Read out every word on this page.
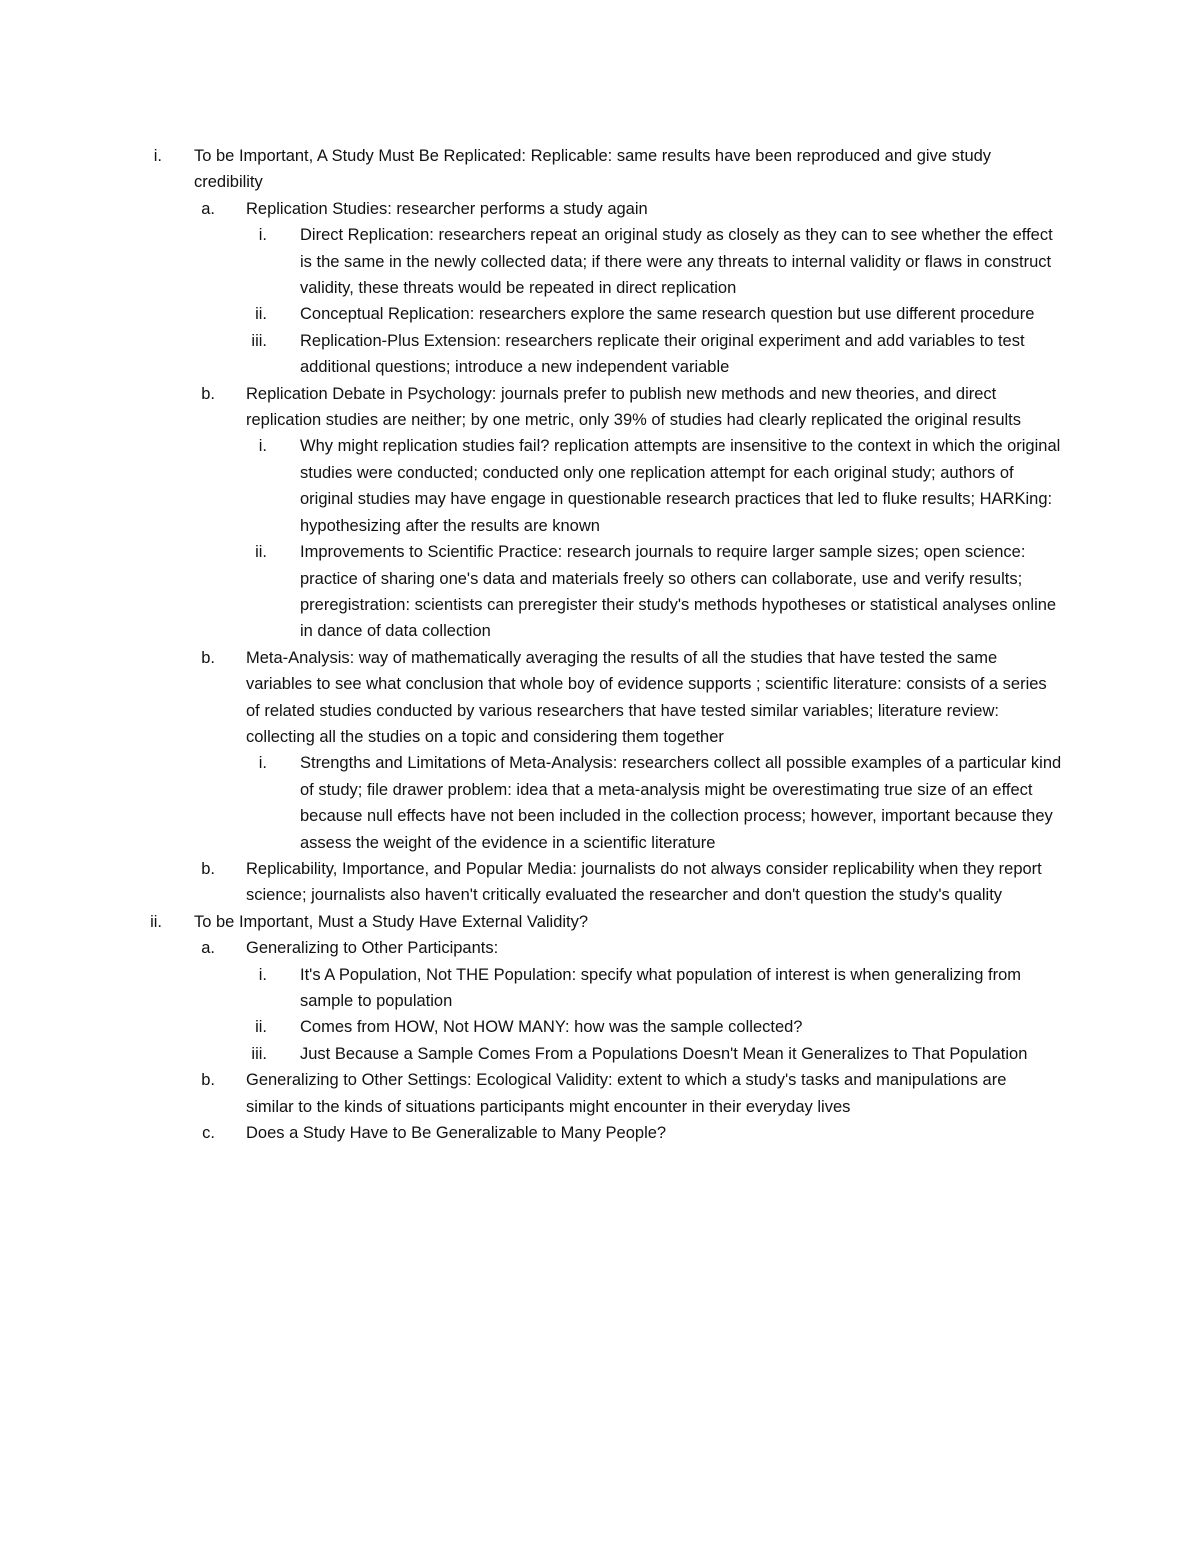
i. To be Important, A Study Must Be Replicated: Replicable: same results have been reproduced and give study credibility
a. Replication Studies: researcher performs a study again
i. Direct Replication: researchers repeat an original study as closely as they can to see whether the effect is the same in the newly collected data; if there were any threats to internal validity or flaws in construct validity, these threats would be repeated in direct replication
ii. Conceptual Replication: researchers explore the same research question but use different procedure
iii. Replication-Plus Extension: researchers replicate their original experiment and add variables to test additional questions; introduce a new independent variable
b. Replication Debate in Psychology: journals prefer to publish new methods and new theories, and direct replication studies are neither; by one metric, only 39% of studies had clearly replicated the original results
i. Why might replication studies fail? replication attempts are insensitive to the context in which the original studies were conducted; conducted only one replication attempt for each original study; authors of original studies may have engage in questionable research practices that led to fluke results; HARKing: hypothesizing after the results are known
ii. Improvements to Scientific Practice: research journals to require larger sample sizes; open science: practice of sharing one's data and materials freely so others can collaborate, use and verify results; preregistration: scientists can preregister their study's methods hypotheses or statistical analyses online in dance of data collection
b. Meta-Analysis: way of mathematically averaging the results of all the studies that have tested the same variables to see what conclusion that whole boy of evidence supports ; scientific literature: consists of a series of related studies conducted by various researchers that have tested similar variables; literature review: collecting all the studies on a topic and considering them together
i. Strengths and Limitations of Meta-Analysis: researchers collect all possible examples of a particular kind of study; file drawer problem: idea that a meta-analysis might be overestimating true size of an effect because null effects have not been included in the collection process; however, important because they assess the weight of the evidence in a scientific literature
b. Replicability, Importance, and Popular Media: journalists do not always consider replicability when they report science; journalists also haven't critically evaluated the researcher and don't question the study's quality
ii. To be Important, Must a Study Have External Validity?
a. Generalizing to Other Participants:
i. It's A Population, Not THE Population: specify what population of interest is when generalizing from sample to population
ii. Comes from HOW, Not HOW MANY: how was the sample collected?
iii. Just Because a Sample Comes From a Populations Doesn't Mean it Generalizes to That Population
b. Generalizing to Other Settings: Ecological Validity: extent to which a study's tasks and manipulations are similar to the kinds of situations participants might encounter in their everyday lives
c. Does a Study Have to Be Generalizable to Many People?
